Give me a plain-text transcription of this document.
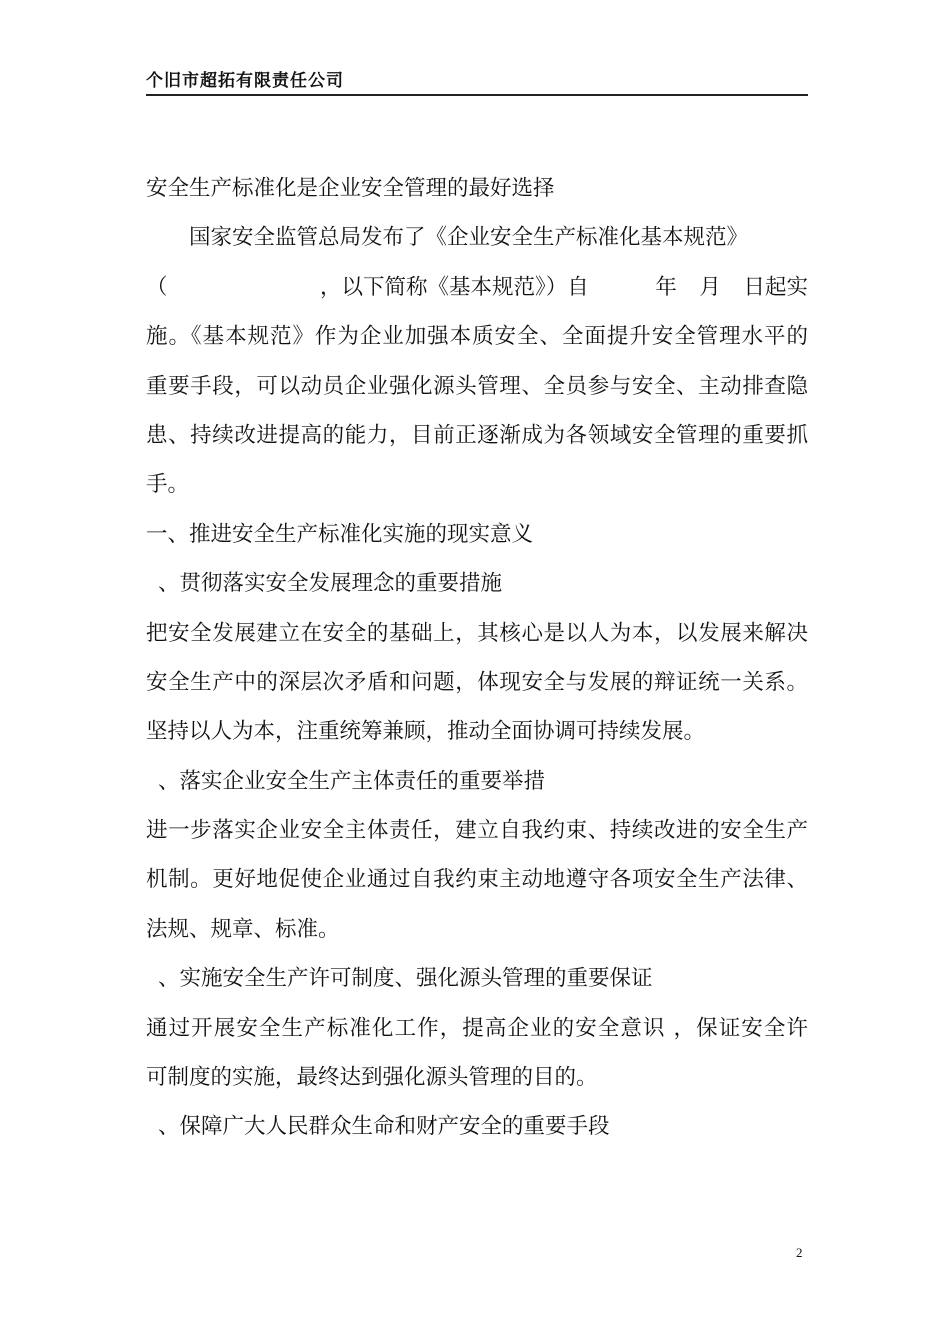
个旧市超拓有限责任公司
安全生产标准化是企业安全管理的最好选择
国家安全监管总局发布了《企业安全生产标准化基本规范》
（	，以下简称《基本规范》）自	年 月 日起实
施。《基本规范》作为企业加强本质安全、全面提升安全管理水平的
重要手段，可以动员企业强化源头管理、全员参与安全、主动排查隐
患、持续改进提高的能力，目前正逐渐成为各领域安全管理的重要抓
手。
一、推进安全生产标准化实施的现实意义
、贯彻落实安全发展理念的重要措施
把安全发展建立在安全的基础上，其核心是以人为本，以发展来解决
安全生产中的深层次矛盾和问题，体现安全与发展的辩证统一关系。
坚持以人为本，注重统筹兼顾，推动全面协调可持续发展。
、落实企业安全生产主体责任的重要举措
进一步落实企业安全主体责任，建立自我约束、持续改进的安全生产
机制。更好地促使企业通过自我约束主动地遵守各项安全生产法律、
法规、规章、标准。
、实施安全生产许可制度、强化源头管理的重要保证
通过开展安全生产标准化工作，提高企业的安全意识 ，保证安全许
可制度的实施，最终达到强化源头管理的目的。
、保障广大人民群众生命和财产安全的重要手段
2
